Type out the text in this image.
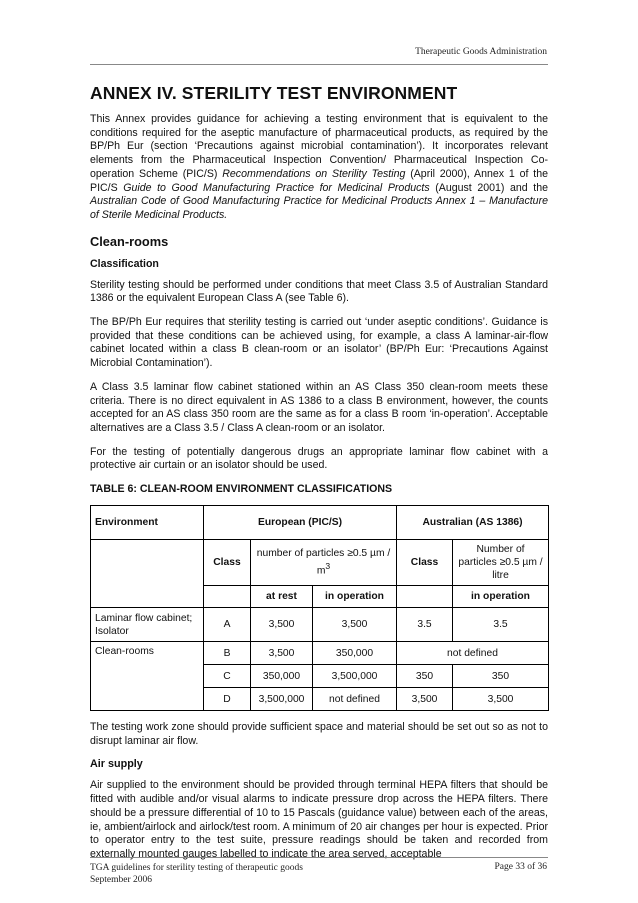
Therapeutic Goods Administration
ANNEX IV. STERILITY TEST ENVIRONMENT

This Annex provides guidance for achieving a testing environment that is equivalent to the conditions required for the aseptic manufacture of pharmaceutical products, as required by the BP/Ph Eur (section ‘Precautions against microbial contamination’). It incorporates relevant elements from the Pharmaceutical Inspection Convention/ Pharmaceutical Inspection Co-operation Scheme (PIC/S) Recommendations on Sterility Testing (April 2000), Annex 1 of the PIC/S Guide to Good Manufacturing Practice for Medicinal Products (August 2001) and the Australian Code of Good Manufacturing Practice for Medicinal Products Annex 1 – Manufacture of Sterile Medicinal Products.

Clean-rooms
Classification

Sterility testing should be performed under conditions that meet Class 3.5 of Australian Standard 1386 or the equivalent European Class A (see Table 6).

The BP/Ph Eur requires that sterility testing is carried out ‘under aseptic conditions’. Guidance is provided that these conditions can be achieved using, for example, a class A laminar-air-flow cabinet located within a class B clean-room or an isolator’ (BP/Ph Eur: ‘Precautions Against Microbial Contamination’).

A Class 3.5 laminar flow cabinet stationed within an AS Class 350 clean-room meets these criteria. There is no direct equivalent in AS 1386 to a class B environment, however, the counts accepted for an AS class 350 room are the same as for a class B room ‘in-operation’. Acceptable alternatives are a Class 3.5 / Class A clean-room or an isolator.

For the testing of potentially dangerous drugs an appropriate laminar flow cabinet with a protective air curtain or an isolator should be used.

TABLE 6: CLEAN-ROOM ENVIRONMENT CLASSIFICATIONS
Environment	European (PIC/S)			Australian (AS 1386)	
	Class	number of particles ≥0.5 µm / $m^3$		Class	Number of particles ≥0.5 µm / litre
		at rest	in operation		in operation
Laminar flow cabinet; Isolator	A	3,500	3,500	3.5	3.5
Clean-rooms	B	3,500	350,000	not defined	
	C	350,000	3,500,000	350	350
	D	3,500,000	not defined	3,500	3,500

The testing work zone should provide sufficient space and material should be set out so as not to disrupt laminar air flow.

Air supply

Air supplied to the environment should be provided through terminal HEPA filters that should be fitted with audible and/or visual alarms to indicate pressure drop across the HEPA filters. There should be a pressure differential of 10 to 15 Pascals (guidance value) between each of the areas, ie, ambient/airlock and airlock/test room. A minimum of 20 air changes per hour is expected. Prior to operator entry to the test suite, pressure readings should be taken and recorded from externally mounted gauges labelled to indicate the area served, acceptable

TGA guidelines for sterility testing of therapeutic goods
September 2006
Page 33 of 36
